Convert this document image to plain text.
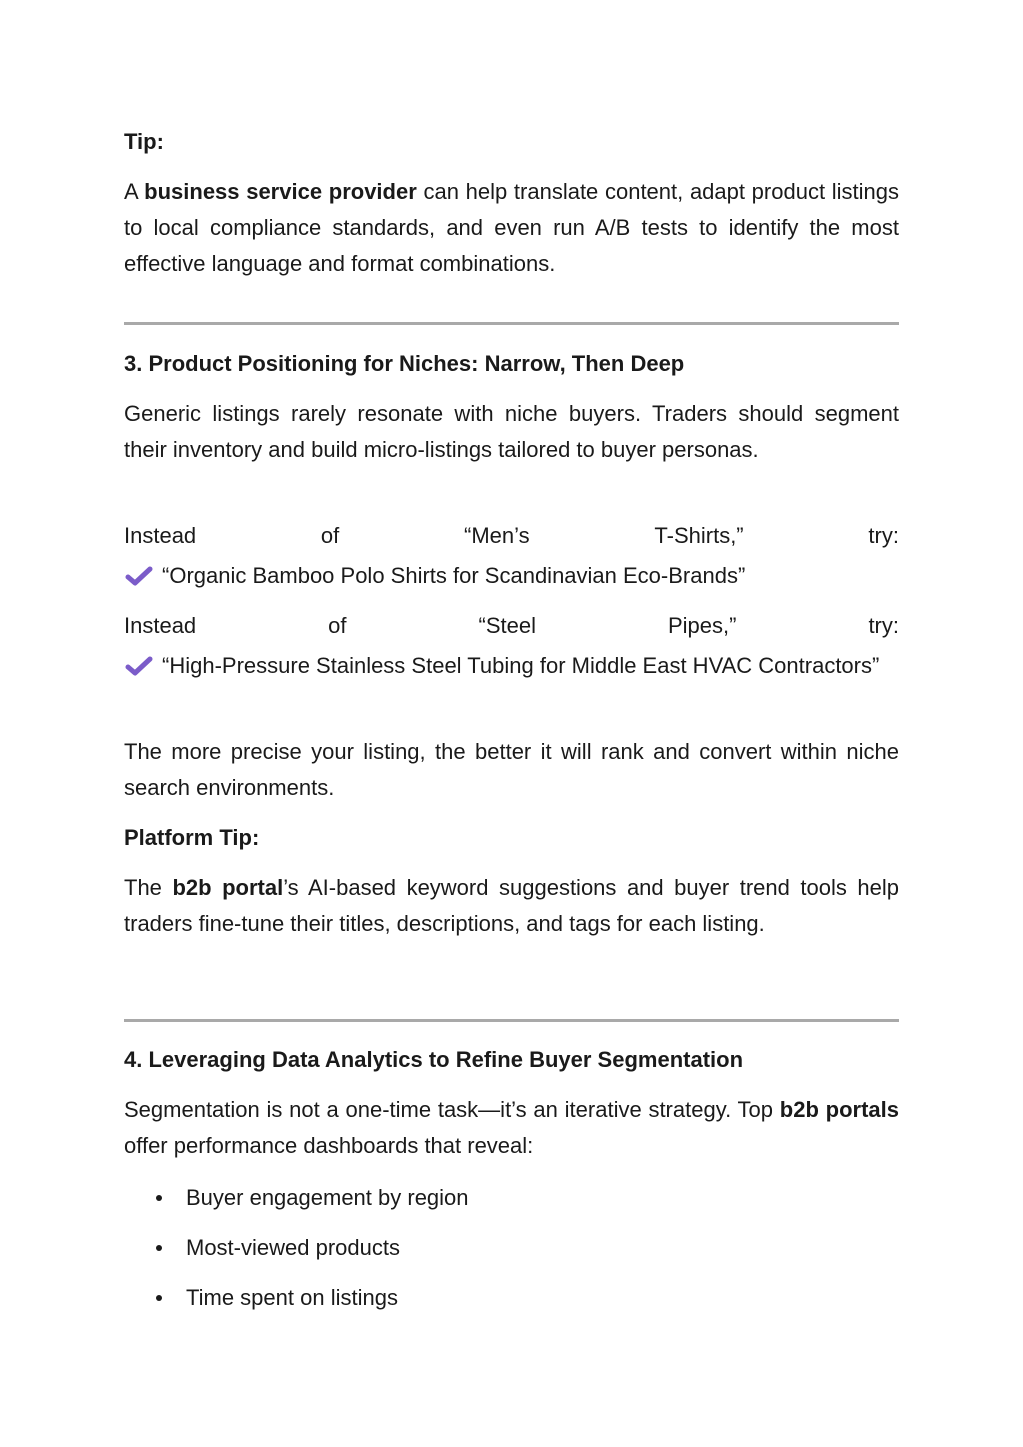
Tip:

A business service provider can help translate content, adapt product listings to local compliance standards, and even run A/B tests to identify the most effective language and format combinations.

3. Product Positioning for Niches: Narrow, Then Deep

Generic listings rarely resonate with niche buyers. Traders should segment their inventory and build micro-listings tailored to buyer personas.

Instead	of	“Men’s	T-Shirts,”	try:
“Organic Bamboo Polo Shirts for Scandinavian Eco-Brands”
Instead	of	“Steel	Pipes,”	try:
“High-Pressure Stainless Steel Tubing for Middle East HVAC Contractors”

The more precise your listing, the better it will rank and convert within niche search environments.

Platform Tip:

The b2b portal’s AI-based keyword suggestions and buyer trend tools help traders fine-tune their titles, descriptions, and tags for each listing.

4. Leveraging Data Analytics to Refine Buyer Segmentation

Segmentation is not a one-time task—it’s an iterative strategy. Top b2b portals offer performance dashboards that reveal:

Buyer engagement by region
Most-viewed products
Time spent on listings
